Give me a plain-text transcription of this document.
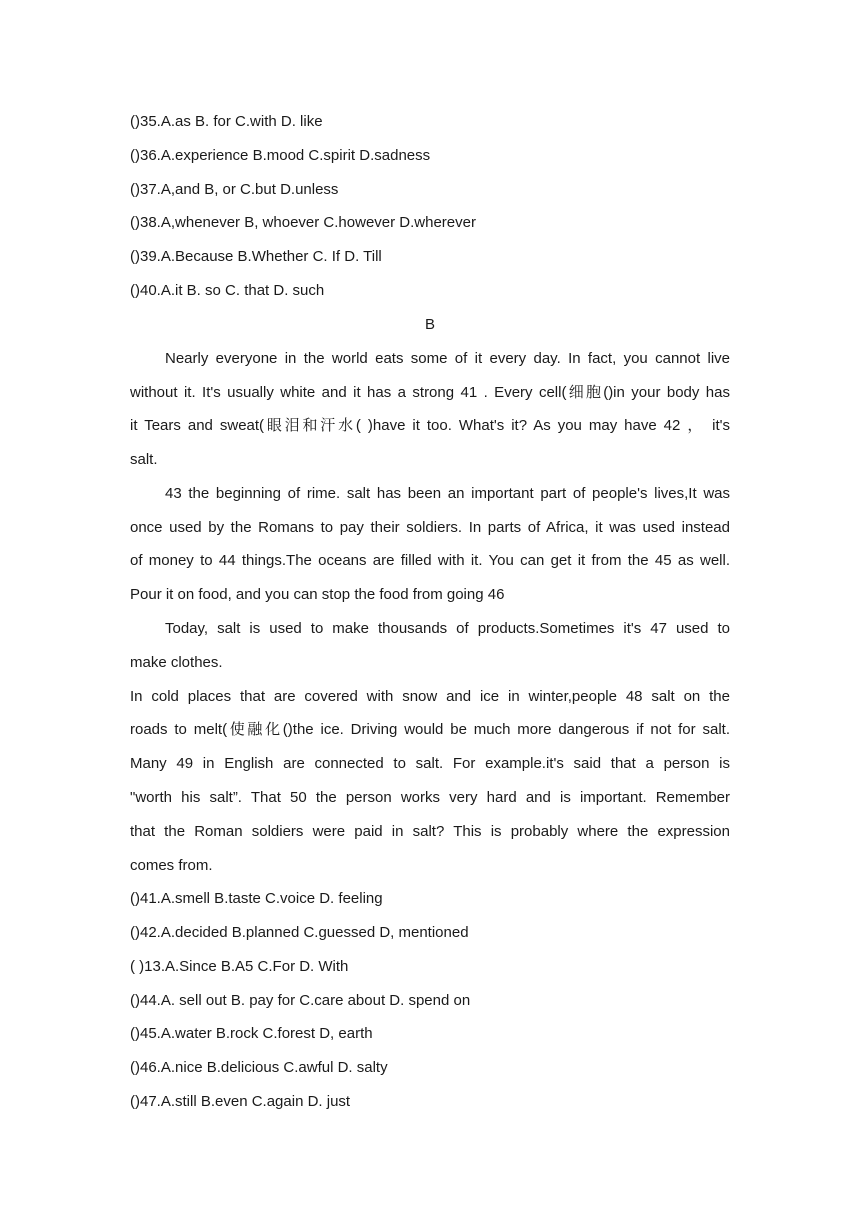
()35.A.as B. for C.with D. like
()36.A.experience B.mood C.spirit D.sadness
()37.A,and B, or C.but D.unless
()38.A,whenever B, whoever C.however D.wherever
()39.A.Because B.Whether C. If D. Till
()40.A.it B. so C. that D. such
B
Nearly everyone in the world eats some of it every day. In fact, you cannot live
without it. It's usually white and it has a strong 41 . Every cell(细胞()in your body has
it Tears and sweat(眼泪和汗水( )have it too. What's it? As you may have 42 ， it's
salt.
43 the beginning of rime. salt has been an important part of people's lives,It was
once used by the Romans to pay their soldiers. In parts of Africa, it was used instead
of money to 44 things.The oceans are filled with it. You can get it from the 45 as well.
Pour it on food, and you can stop the food from going 46
Today, salt is used to make thousands of products.Sometimes it's 47 used to
make clothes.
In cold places that are covered with snow and ice in winter,people 48 salt on the
roads to melt(使融化()the ice. Driving would be much more dangerous if not for salt.
Many 49 in English are connected to salt. For example.it's said that a person is
"worth his salt”. That 50 the person works very hard and is important. Remember
that the Roman soldiers were paid in salt? This is probably where the expression
comes from.
()41.A.smell B.taste C.voice D. feeling
()42.A.decided B.planned C.guessed D, mentioned
( )13.A.Since B.A5 C.For D. With
()44.A. sell out B. pay for C.care about D. spend on
()45.A.water B.rock C.forest D, earth
()46.A.nice B.delicious C.awful D. salty
()47.A.still B.even C.again D. just
